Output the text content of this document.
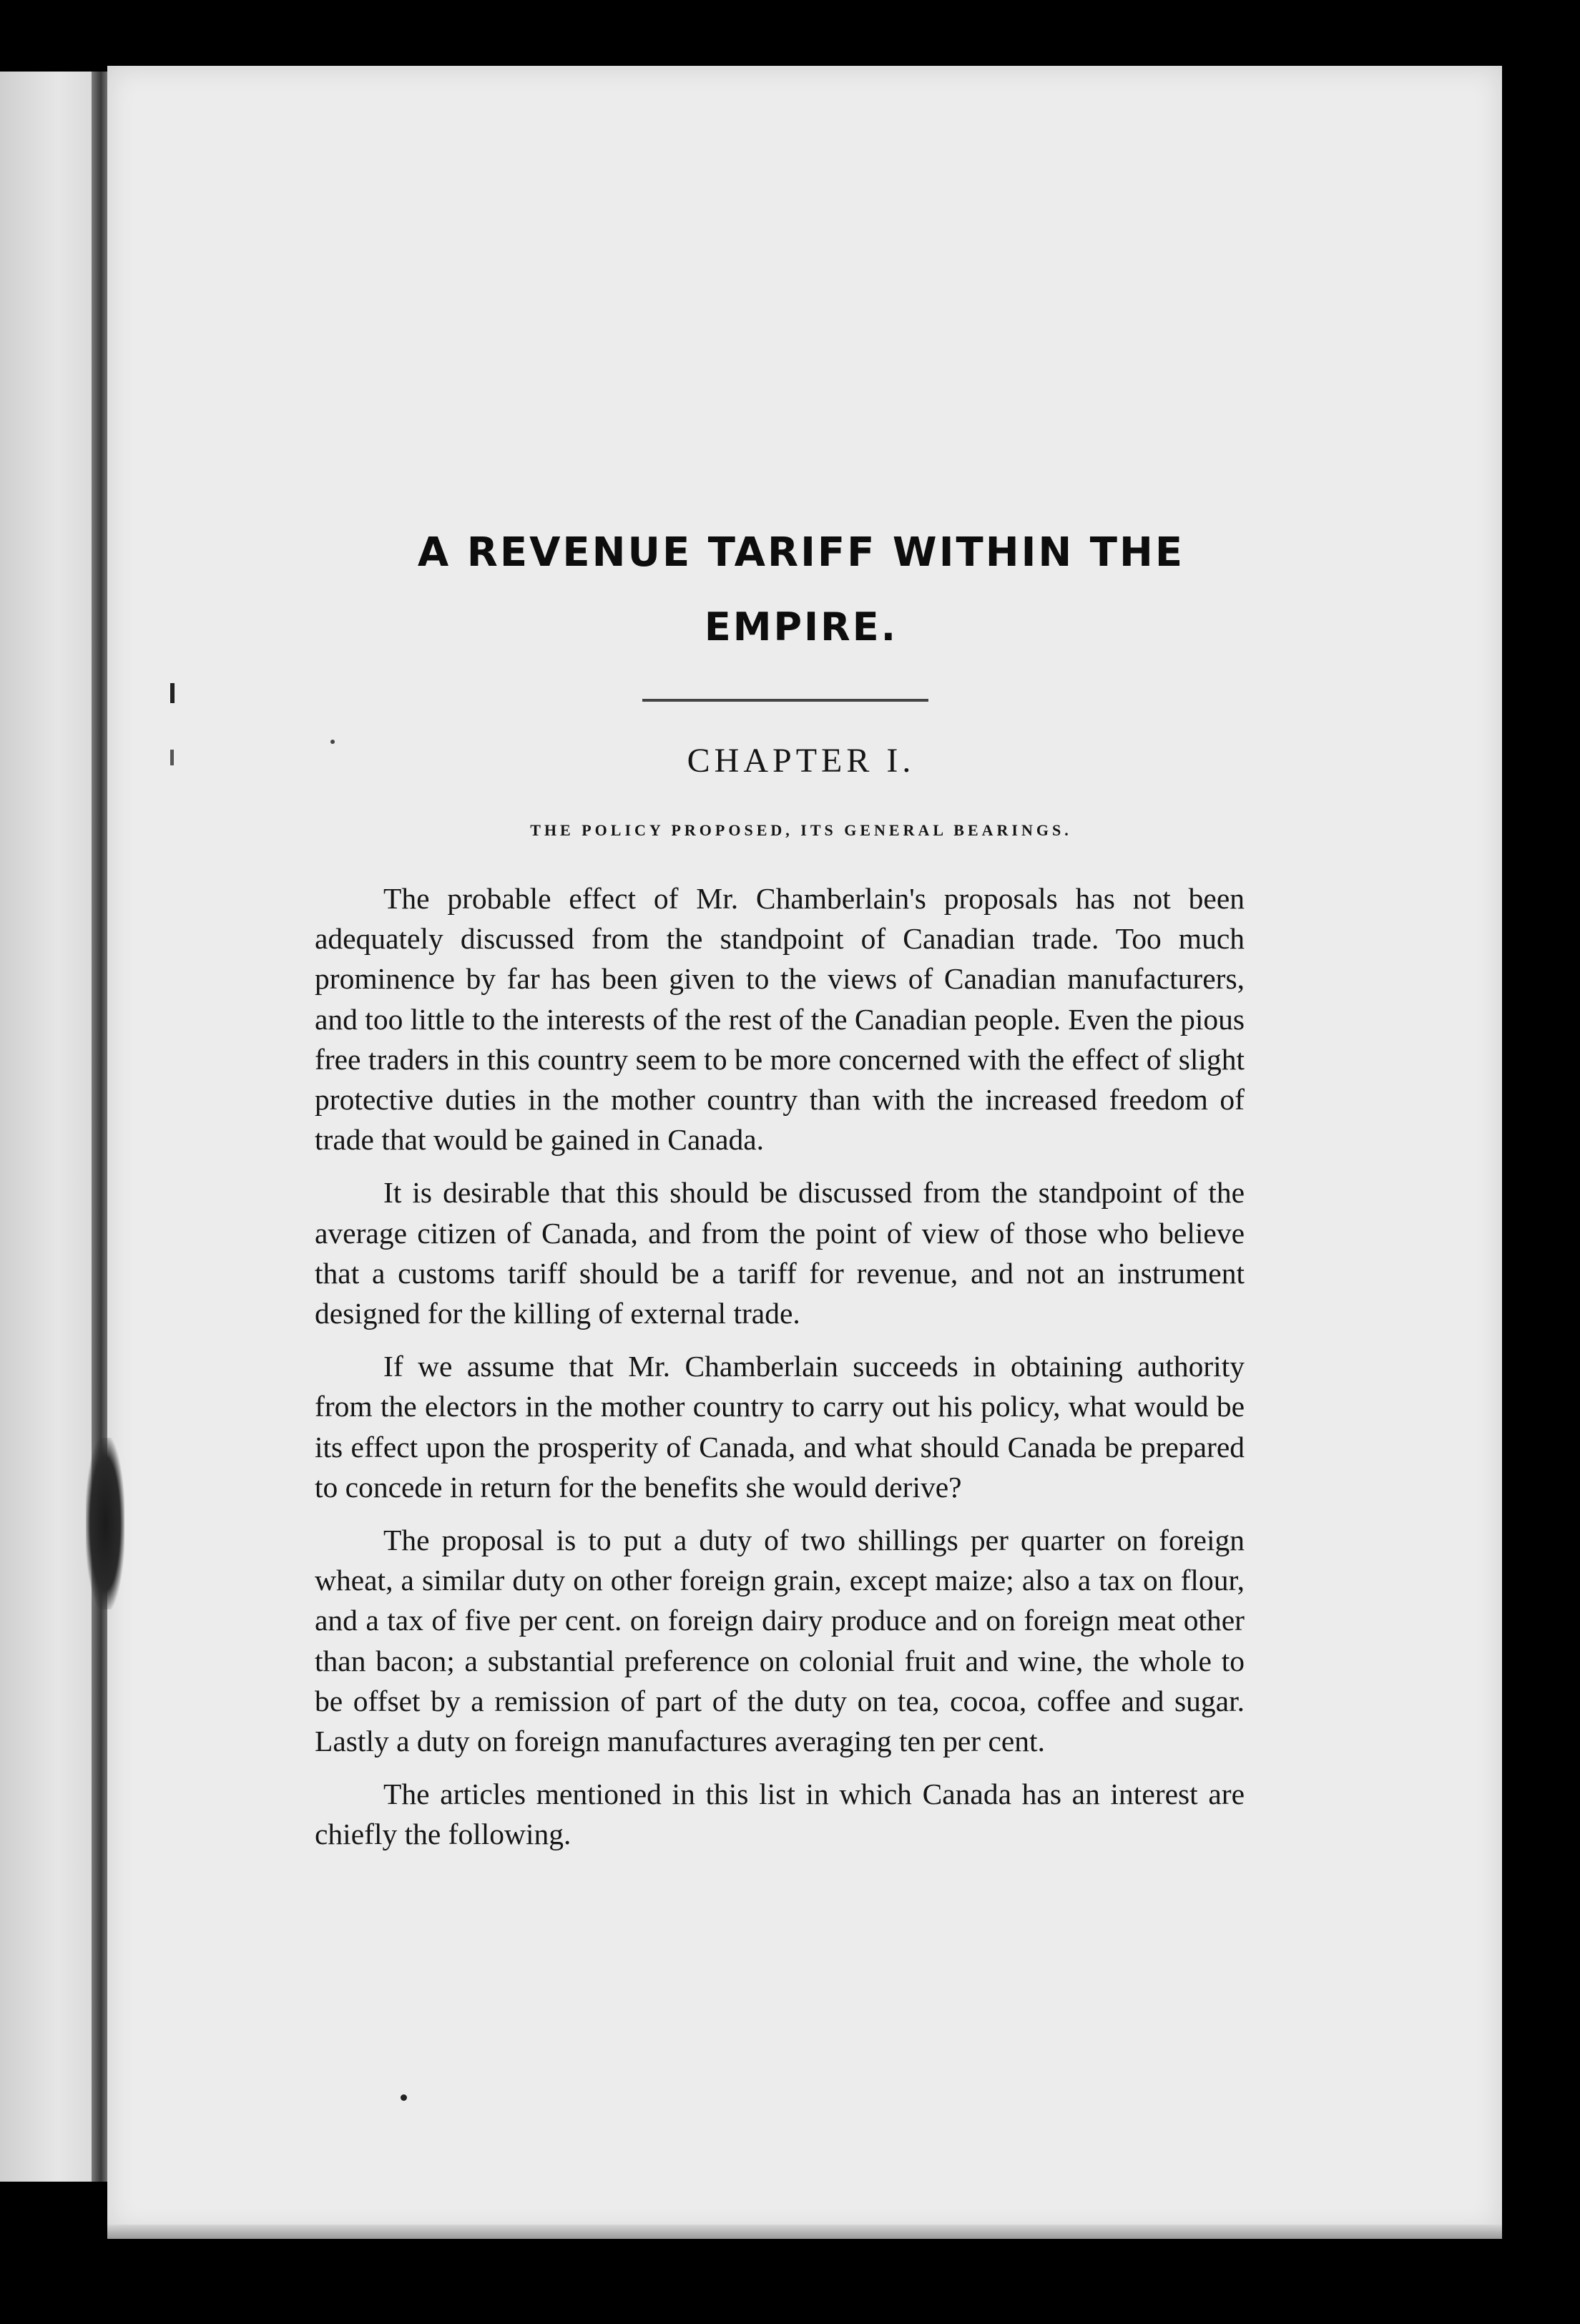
A REVENUE TARIFF WITHIN THE
EMPIRE.
CHAPTER I.
THE POLICY PROPOSED, ITS GENERAL BEARINGS.

The probable effect of Mr. Chamberlain's proposals has not been adequately discussed from the standpoint of Canadian trade. Too much prominence by far has been given to the views of Canadian manufacturers, and too little to the interests of the rest of the Canadian people. Even the pious free traders in this country seem to be more concerned with the effect of slight protective duties in the mother country than with the increased freedom of trade that would be gained in Canada.

It is desirable that this should be discussed from the standpoint of the average citizen of Canada, and from the point of view of those who believe that a customs tariff should be a tariff for revenue, and not an instrument designed for the killing of external trade.

If we assume that Mr. Chamberlain succeeds in obtaining authority from the electors in the mother country to carry out his policy, what would be its effect upon the prosperity of Canada, and what should Canada be prepared to concede in return for the benefits she would derive?

The proposal is to put a duty of two shillings per quarter on foreign wheat, a similar duty on other foreign grain, except maize; also a tax on flour, and a tax of five per cent. on foreign dairy produce and on foreign meat other than bacon; a substantial preference on colonial fruit and wine, the whole to be offset by a remission of part of the duty on tea, cocoa, coffee and sugar. Lastly a duty on foreign manufactures averaging ten per cent.

The articles mentioned in this list in which Canada has an interest are chiefly the following.
